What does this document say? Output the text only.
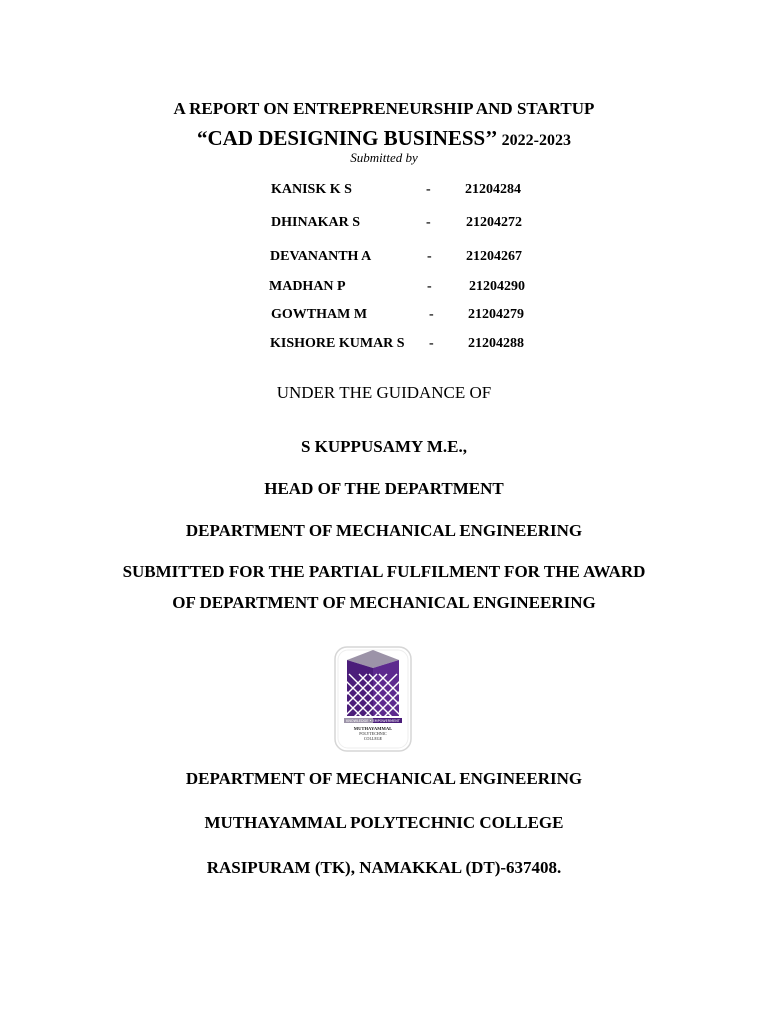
A REPORT ON ENTREPRENEURSHIP AND STARTUP
“CAD DESIGNING BUSINESS’’ 2022-2023
Submitted by
KANISK K S	- 21204284
DHINAKAR S	-	21204272
DEVANANTH A	- 21204267
MADHAN P	-	21204290
GOWTHAM M	- 21204279
KISHORE KUMAR S - 21204288
UNDER THE GUIDANCE OF
S KUPPUSAMY M.E.,
HEAD OF THE DEPARTMENT
DEPARTMENT OF MECHANICAL ENGINEERING
SUBMITTED FOR THE PARTIAL FULFILMENT FOR THE AWARD
OF DEPARTMENT OF MECHANICAL ENGINEERING
KNOWLEDGE • EMPOWERMENT
MUTHAYAMMAL
POLYTECHNIC
COLLEGE
DEPARTMENT OF MECHANICAL ENGINEERING
MUTHAYAMMAL POLYTECHNIC COLLEGE
RASIPURAM (TK), NAMAKKAL (DT)-637408.
